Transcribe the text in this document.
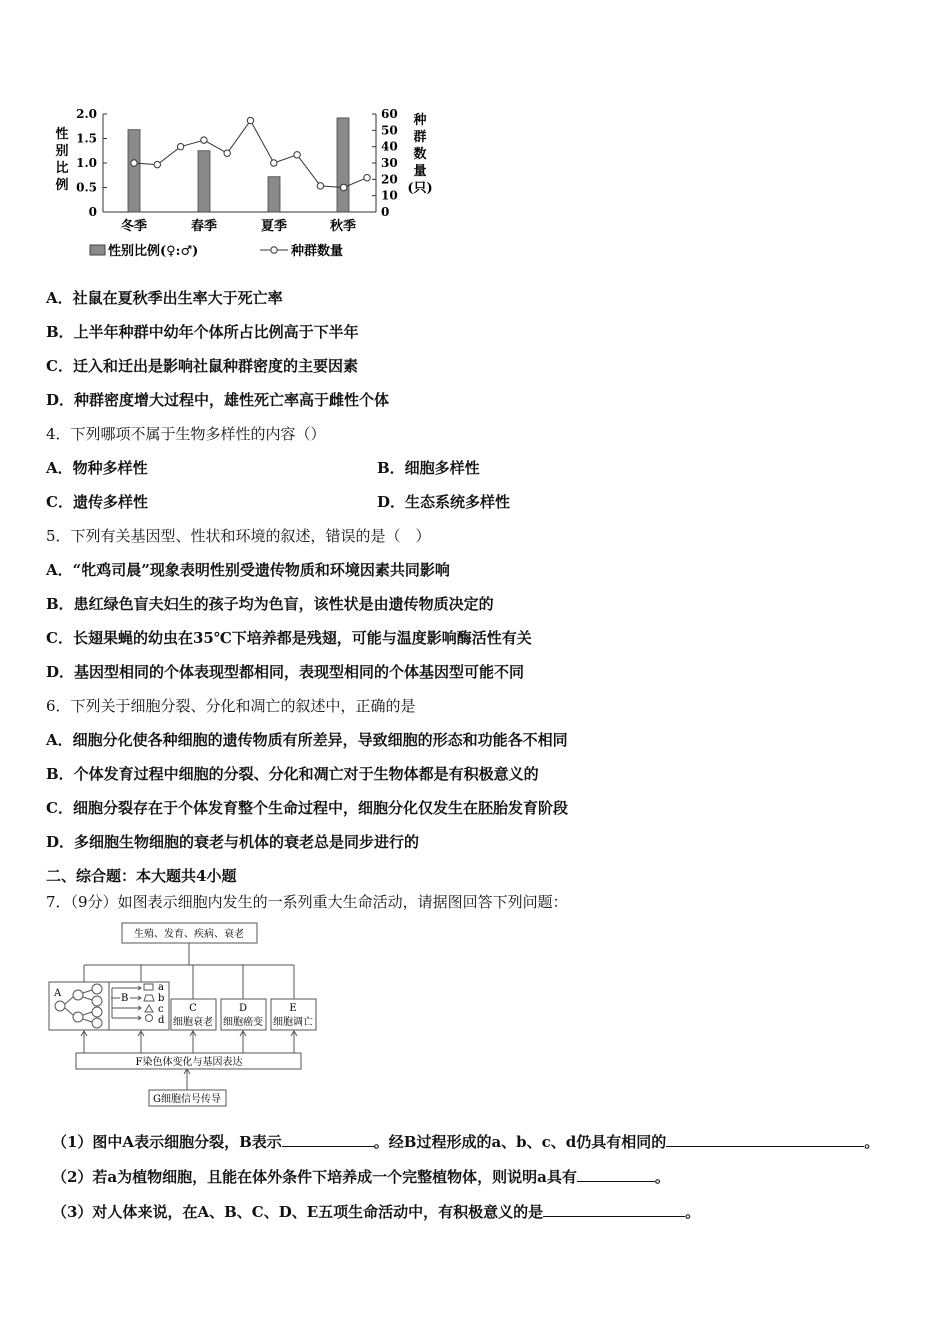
2.0
1.5
1.0
0.5
0
60
50
40
30
20
10
0
性
别
比
例
种
群
数
量
(只)
冬季	春季	夏季	秋季
性别比例(♀:♂)	种群数量
A．社鼠在夏秋季出生率大于死亡率
B．上半年种群中幼年个体所占比例高于下半年
C．迁入和迁出是影响社鼠种群密度的主要因素
D．种群密度增大过程中，雄性死亡率高于雌性个体
4．下列哪项不属于生物多样性的内容（）
A．物种多样性	B．细胞多样性
C．遗传多样性	D．生态系统多样性
5．下列有关基因型、性状和环境的叙述，错误的是（　）
A．“牝鸡司晨”现象表明性别受遗传物质和环境因素共同影响
B．患红绿色盲夫妇生的孩子均为色盲，该性状是由遗传物质决定的
C．长翅果蝇的幼虫在35℃下培养都是残翅，可能与温度影响酶活性有关
D．基因型相同的个体表现型都相同，表现型相同的个体基因型可能不同
6．下列关于细胞分裂、分化和凋亡的叙述中，正确的是
A．细胞分化使各种细胞的遗传物质有所差异，导致细胞的形态和功能各不相同
B．个体发育过程中细胞的分裂、分化和凋亡对于生物体都是有积极意义的
C．细胞分裂存在于个体发育整个生命过程中，细胞分化仅发生在胚胎发育阶段
D．多细胞生物细胞的衰老与机体的衰老总是同步进行的
二、综合题：本大题共4小题
7．（9分）如图表示细胞内发生的一系列重大生命活动，请据图回答下列问题：
生殖、发育、疾病、衰老
A	B
a
b
c
d
C
细胞衰老
D
细胞癌变
E
细胞调亡
F染色体变化与基因表达
G细胞信号传导
（1）图中A表示细胞分裂，B表示	。经B过程形成的a、b、c、d仍具有相同的	。
（2）若a为植物细胞，且能在体外条件下培养成一个完整植物体，则说明a具有	。
（3）对人体来说，在A、B、C、D、E五项生命活动中，有积极意义的是	。
